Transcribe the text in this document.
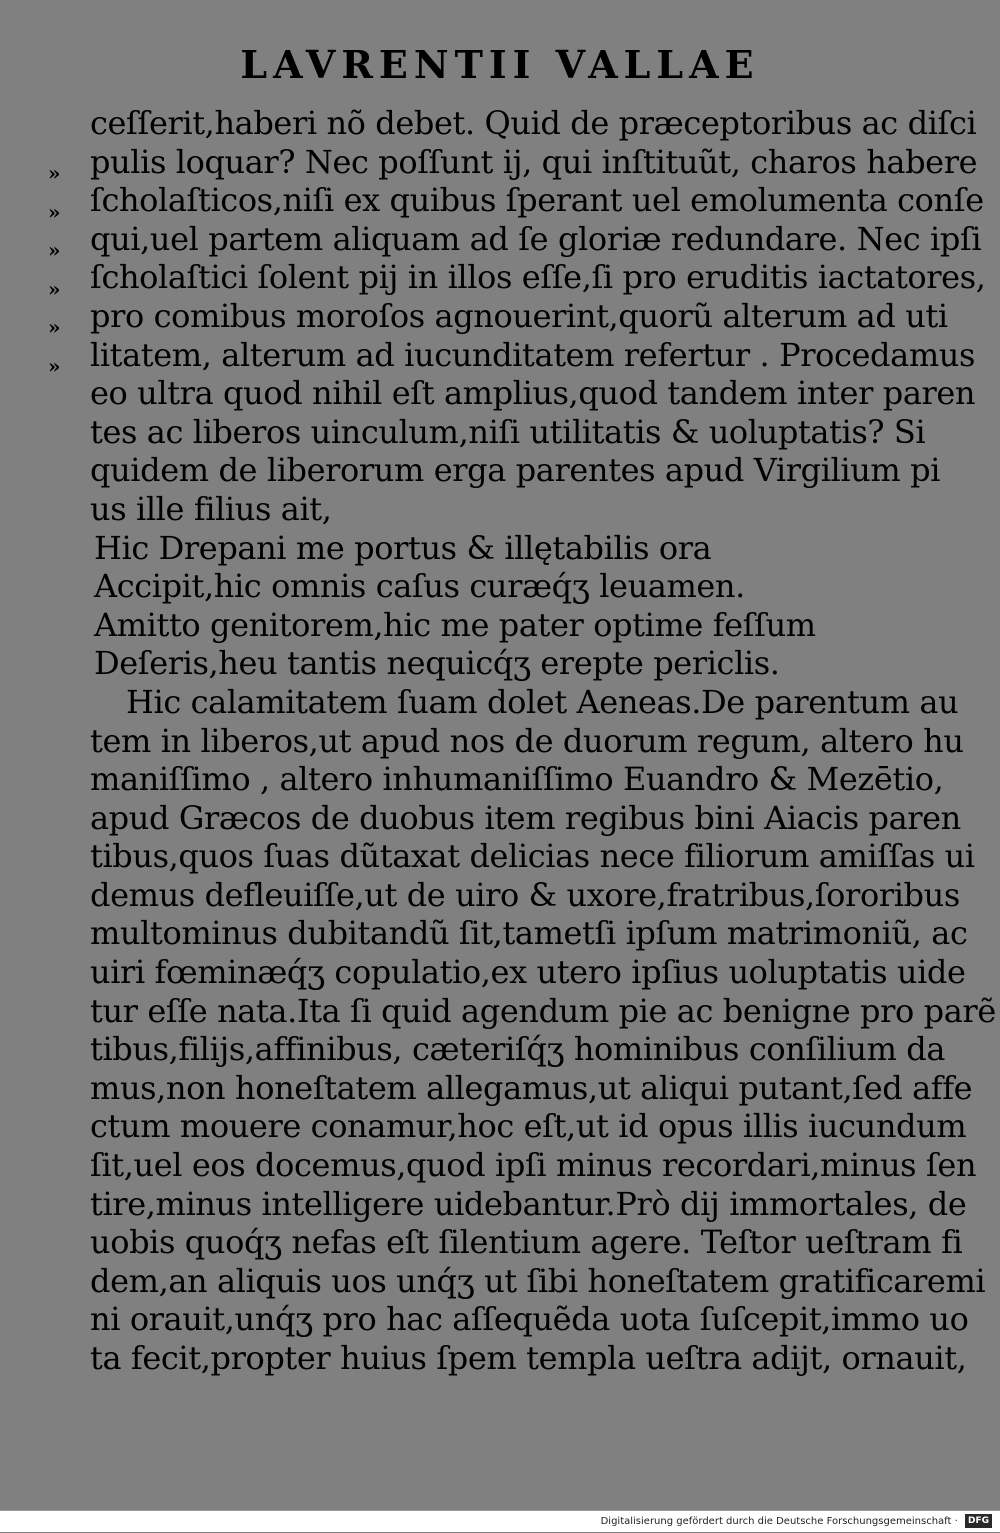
LAVRENTII VALLAE
»
»
»
»
»
»
ceſſerit,haberi nõ debet. Quid de præceptoribus ac diſci
pulis loquar? Nec poſſunt ij, qui inſtituũt, charos habere
ſcholaſticos,niſi ex quibus ſperant uel emolumenta conſe
qui,uel partem aliquam ad ſe gloriæ redundare. Nec ipſi
ſcholaſtici ſolent pij in illos eſſe,ſi pro eruditis iactatores,
pro comibus moroſos agnouerint,quorũ alterum ad uti
litatem, alterum ad iucunditatem refertur . Procedamus
eo ultra quod nihil eſt amplius,quod tandem inter paren
tes ac liberos uinculum,niſi utilitatis & uoluptatis? Si
quidem de liberorum erga parentes apud Virgilium pi
us ille filius ait,
Hic Drepani me portus & illętabilis ora
Accipit,hic omnis caſus curæq́ʒ leuamen.
Amitto genitorem,hic me pater optime feſſum
Deſeris,heu tantis nequicq́ʒ erepte periclis.
Hic calamitatem ſuam dolet Aeneas.De parentum au
tem in liberos,ut apud nos de duorum regum, altero hu
maniſſimo , altero inhumaniſſimo Euandro & Mezētio,
apud Græcos de duobus item regibus bini Aiacis paren
tibus,quos ſuas dũtaxat delicias nece filiorum amiſſas ui
demus defleuiſſe,ut de uiro & uxore,fratribus,ſororibus
multominus dubitandũ ſit,tametſi ipſum matrimoniũ, ac
uiri fœminæq́ʒ copulatio,ex utero ipſius uoluptatis uide
tur eſſe nata.Ita ſi quid agendum pie ac benigne pro parẽ
tibus,filijs,affinibus, cæteriſq́ʒ hominibus conſilium da
mus,non honeſtatem allegamus,ut aliqui putant,ſed affe
ctum mouere conamur,hoc eſt,ut id opus illis iucundum
ſit,uel eos docemus,quod ipſi minus recordari,minus ſen
tire,minus intelligere uidebantur.Prò dij immortales, de
uobis quoq́ʒ nefas eſt ſilentium agere. Teſtor ueſtram fi
dem,an aliquis uos unq́ʒ ut ſibi honeſtatem gratificaremi
ni orauit,unq́ʒ pro hac aſſequẽda uota ſuſcepit,immo uo
ta fecit,propter huius ſpem templa ueſtra adijt, ornauit,
Digitalisierung gefördert durch die Deutsche Forschungsgemeinschaft · DFG
